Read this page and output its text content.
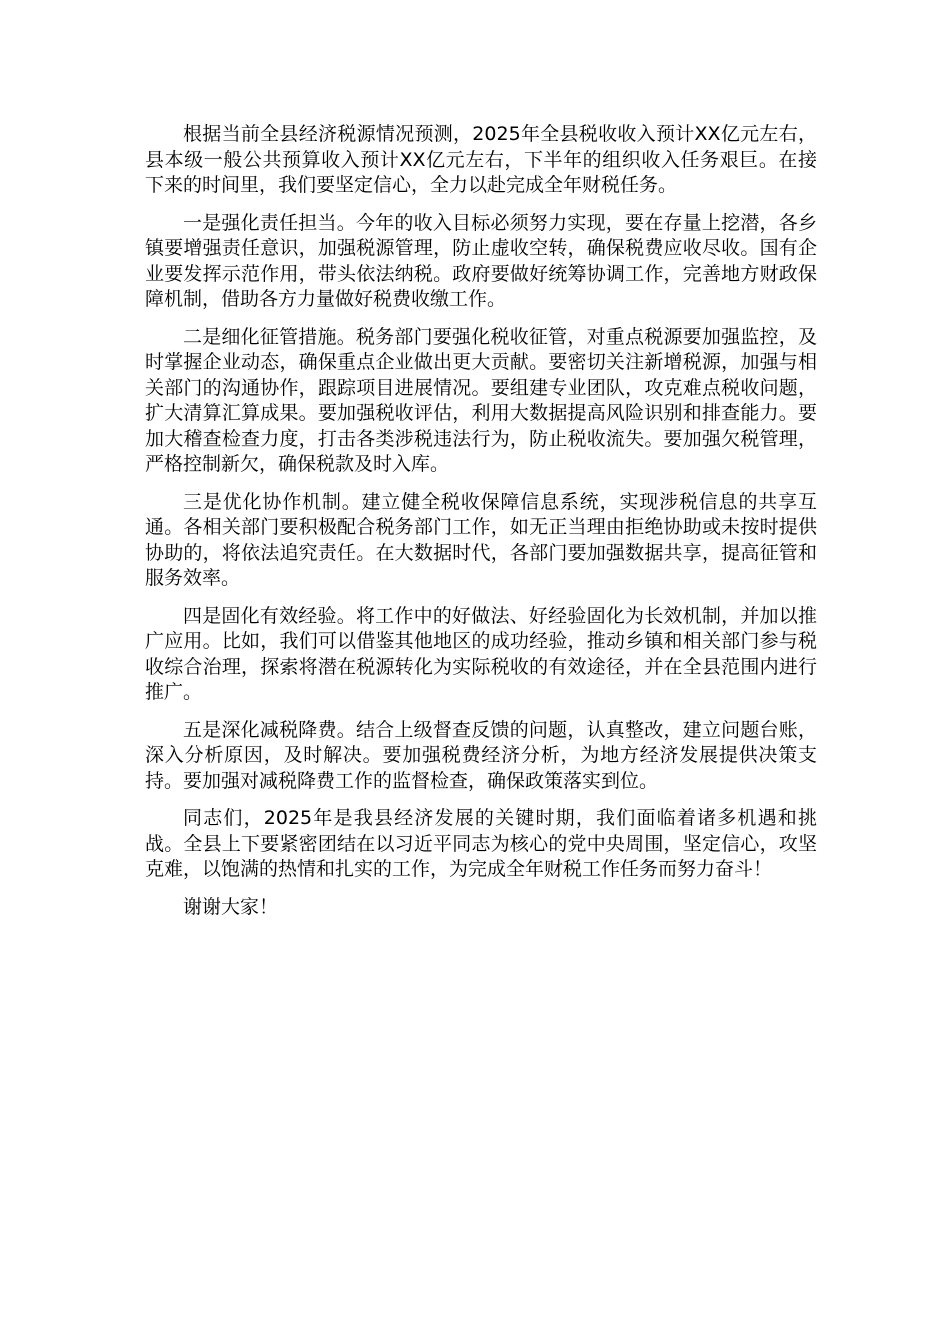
根据当前全县经济税源情况预测，2025年全县税收收入预计XX亿元左右，县本级一般公共预算收入预计XX亿元左右，下半年的组织收入任务艰巨。在接下来的时间里，我们要坚定信心，全力以赴完成全年财税任务。

一是强化责任担当。今年的收入目标必须努力实现，要在存量上挖潜，各乡镇要增强责任意识，加强税源管理，防止虚收空转，确保税费应收尽收。国有企业要发挥示范作用，带头依法纳税。政府要做好统筹协调工作，完善地方财政保障机制，借助各方力量做好税费收缴工作。

二是细化征管措施。税务部门要强化税收征管，对重点税源要加强监控，及时掌握企业动态，确保重点企业做出更大贡献。要密切关注新增税源，加强与相关部门的沟通协作，跟踪项目进展情况。要组建专业团队，攻克难点税收问题，扩大清算汇算成果。要加强税收评估，利用大数据提高风险识别和排查能力。要加大稽查检查力度，打击各类涉税违法行为，防止税收流失。要加强欠税管理，严格控制新欠，确保税款及时入库。

三是优化协作机制。建立健全税收保障信息系统，实现涉税信息的共享互通。各相关部门要积极配合税务部门工作，如无正当理由拒绝协助或未按时提供协助的，将依法追究责任。在大数据时代，各部门要加强数据共享，提高征管和服务效率。

四是固化有效经验。将工作中的好做法、好经验固化为长效机制，并加以推广应用。比如，我们可以借鉴其他地区的成功经验，推动乡镇和相关部门参与税收综合治理，探索将潜在税源转化为实际税收的有效途径，并在全县范围内进行推广。

五是深化减税降费。结合上级督查反馈的问题，认真整改，建立问题台账，深入分析原因，及时解决。要加强税费经济分析，为地方经济发展提供决策支持。要加强对减税降费工作的监督检查，确保政策落实到位。

同志们，2025年是我县经济发展的关键时期，我们面临着诸多机遇和挑战。全县上下要紧密团结在以习近平同志为核心的党中央周围，坚定信心，攻坚克难，以饱满的热情和扎实的工作，为完成全年财税工作任务而努力奋斗！

谢谢大家！
